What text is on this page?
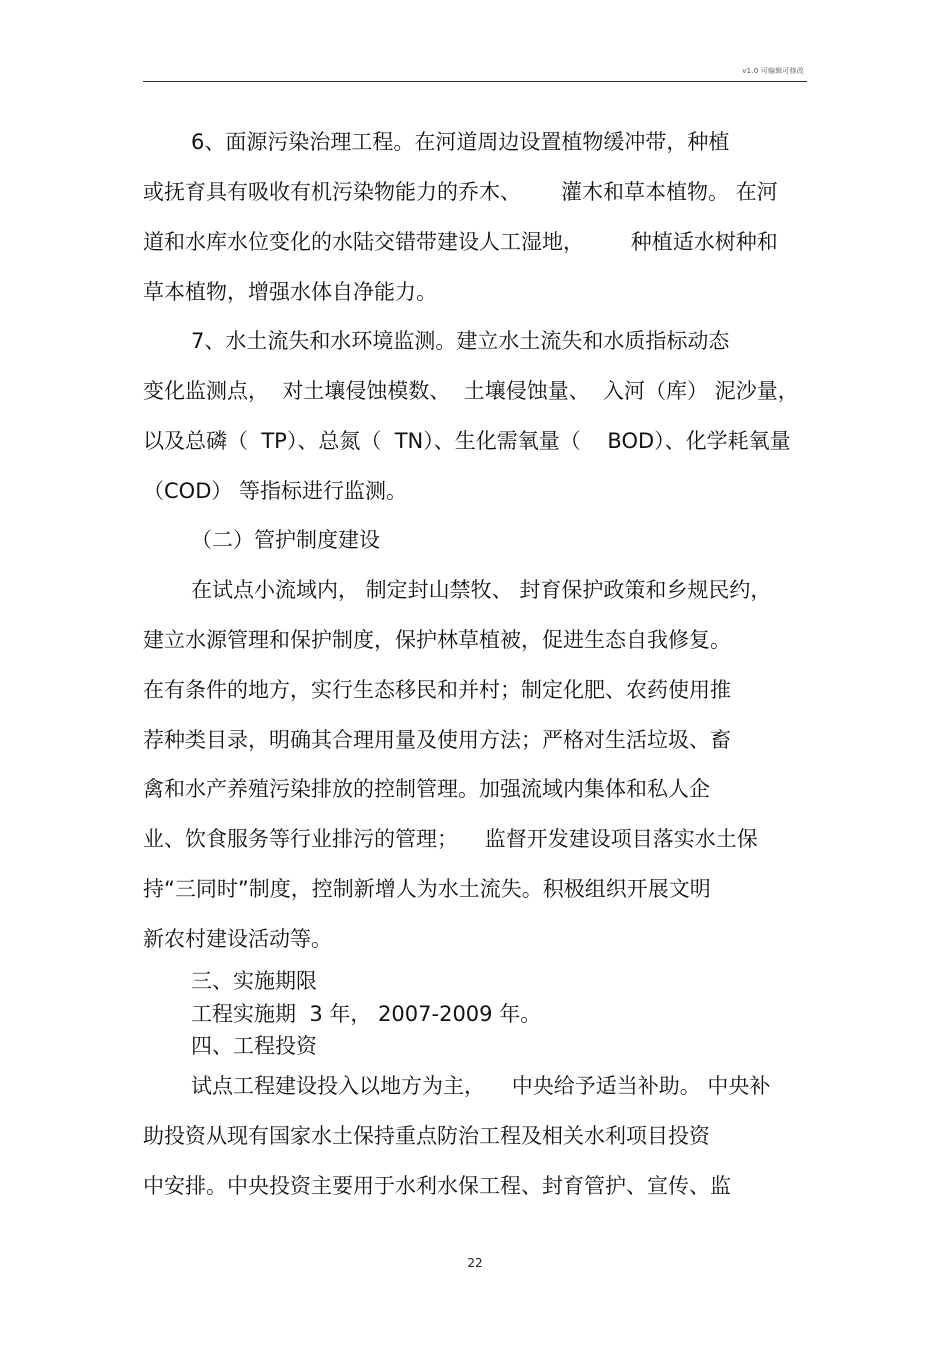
v1.0 可编辑可修改
6、面源污染治理工程。在河道周边设置植物缓冲带，种植
或抚育具有吸收有机污染物能力的乔木、      灌木和草本植物。 在河
道和水库水位变化的水陆交错带建设人工湿地，       种植适水树种和
草本植物，增强水体自净能力。
7、水土流失和水环境监测。建立水土流失和水质指标动态
变化监测点，  对土壤侵蚀模数、  土壤侵蚀量、  入河（库） 泥沙量，
以及总磷（  TP）、总氮（  TN）、生化需氧量（    BOD）、化学耗氧量
（COD） 等指标进行监测。
（二）管护制度建设
在试点小流域内， 制定封山禁牧、 封育保护政策和乡规民约，
建立水源管理和保护制度，保护林草植被，促进生态自我修复。
在有条件的地方，实行生态移民和并村；制定化肥、农药使用推
荐种类目录，明确其合理用量及使用方法；严格对生活垃圾、畜
禽和水产养殖污染排放的控制管理。加强流域内集体和私人企
业、饮食服务等行业排污的管理；    监督开发建设项目落实水土保
持“三同时”制度，控制新增人为水土流失。积极组织开展文明
新农村建设活动等。
三、实施期限
工程实施期  3 年， 2007-2009 年。
四、工程投资
试点工程建设投入以地方为主，    中央给予适当补助。 中央补
助投资从现有国家水土保持重点防治工程及相关水利项目投资
中安排。中央投资主要用于水利水保工程、封育管护、宣传、监
22
